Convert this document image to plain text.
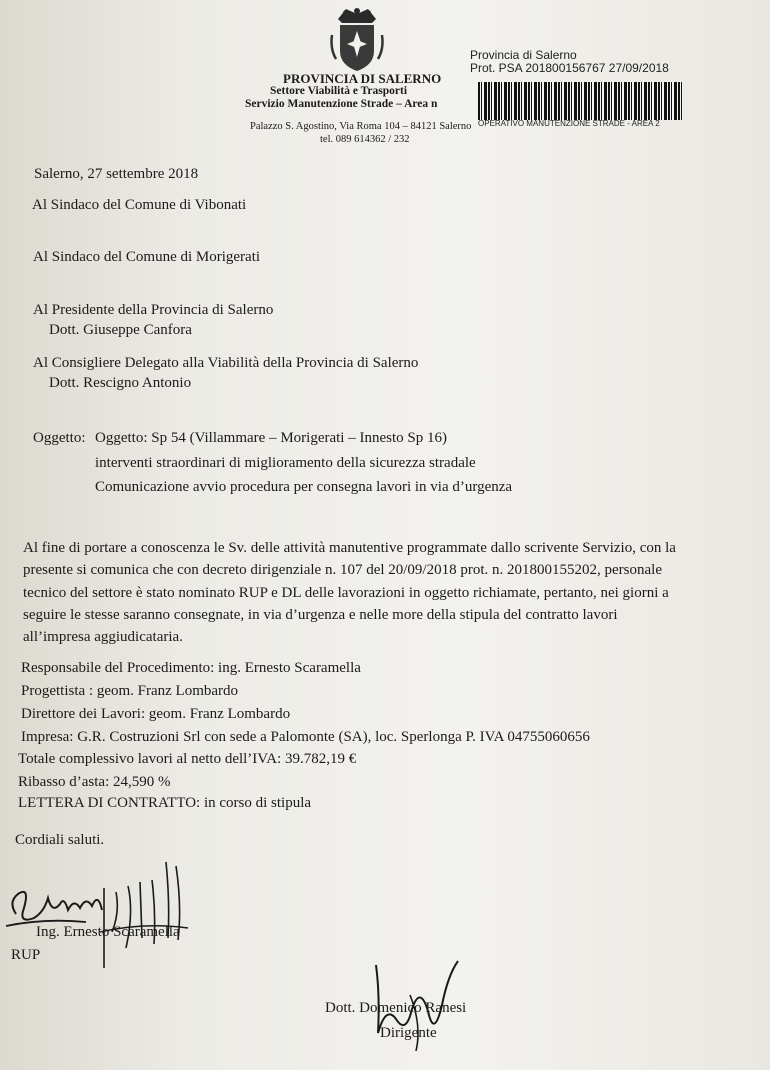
PROVINCIA DI SALERNO
Settore Viabilità e Trasporti
Servizio Manutenzione Strade – Area n
Palazzo S. Agostino, Via Roma 104 – 84121 Salerno
tel. 089 614362 / 232
Provincia di Salerno
Prot. PSA 201800156767 27/09/2018
OPERATIVO MANUTENZIONE STRADE - AREA 2
Salerno, 27 settembre 2018
Al Sindaco del Comune di Vibonati
Al Sindaco del Comune di Morigerati
Al Presidente della Provincia di Salerno
Dott. Giuseppe Canfora
Al Consigliere Delegato alla Viabilità della Provincia di Salerno
Dott. Rescigno Antonio
Oggetto: Oggetto: Sp 54 (Villammare – Morigerati – Innesto Sp 16)
interventi straordinari di miglioramento della sicurezza stradale
Comunicazione avvio procedura per consegna lavori in via d’urgenza
Al fine di portare a conoscenza le Sv. delle attività manutentive programmate dallo scrivente Servizio, con la
presente si comunica che con decreto dirigenziale n. 107 del 20/09/2018 prot. n. 201800155202, personale
tecnico del settore è stato nominato RUP e DL delle lavorazioni in oggetto richiamate, pertanto, nei giorni a
seguire le stesse saranno consegnate, in via d’urgenza e nelle more della stipula del contratto lavori
all’impresa aggiudicataria.
Responsabile del Procedimento: ing. Ernesto Scaramella
Progettista : geom. Franz Lombardo
Direttore dei Lavori: geom. Franz Lombardo
Impresa: G.R. Costruzioni Srl con sede a Palomonte (SA), loc. Sperlonga P. IVA 04755060656
Totale complessivo lavori al netto dell’IVA: 39.782,19 €
Ribasso d’asta: 24,590 %
LETTERA DI CONTRATTO: in corso di stipula
Cordiali saluti.
Ing. Ernesto Scaramella
RUP
Dott. Domenico Ranesi
Dirigente
